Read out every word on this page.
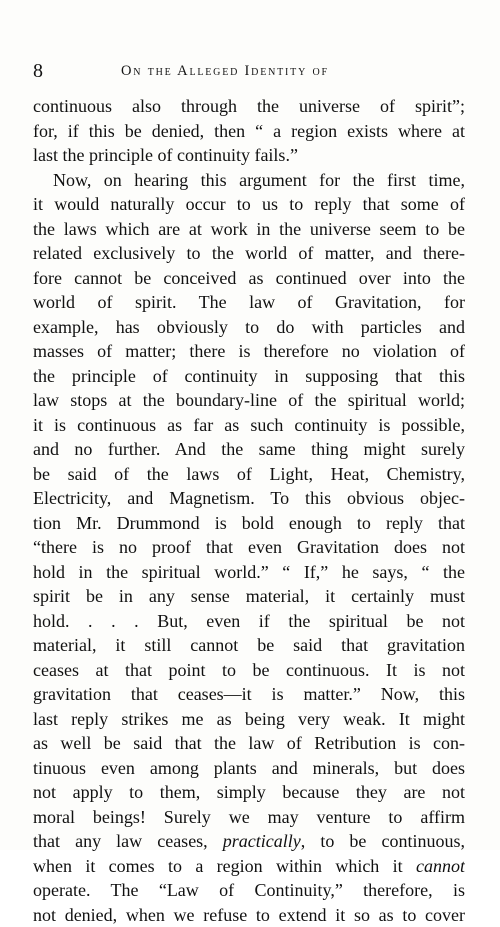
8	On the Alleged Identity of
continuous also through the universe of spirit”;
for, if this be denied, then “ a region exists where at
last the principle of continuity fails.”
Now, on hearing this argument for the first time,
it would naturally occur to us to reply that some of
the laws which are at work in the universe seem to be
related exclusively to the world of matter, and there-
fore cannot be conceived as continued over into the
world of spirit. The law of Gravitation, for
example, has obviously to do with particles and
masses of matter; there is therefore no violation of
the principle of continuity in supposing that this
law stops at the boundary-line of the spiritual world;
it is continuous as far as such continuity is possible,
and no further. And the same thing might surely
be said of the laws of Light, Heat, Chemistry,
Electricity, and Magnetism. To this obvious objec-
tion Mr. Drummond is bold enough to reply that
“there is no proof that even Gravitation does not
hold in the spiritual world.” “ If,” he says, “ the
spirit be in any sense material, it certainly must
hold. . . . But, even if the spiritual be not
material, it still cannot be said that gravitation
ceases at that point to be continuous. It is not
gravitation that ceases—it is matter.” Now, this
last reply strikes me as being very weak. It might
as well be said that the law of Retribution is con-
tinuous even among plants and minerals, but does
not apply to them, simply because they are not
moral beings! Surely we may venture to affirm
that any law ceases, practically, to be continuous,
when it comes to a region within which it cannot
operate. The “Law of Continuity,” therefore, is
not denied, when we refuse to extend it so as to cover
